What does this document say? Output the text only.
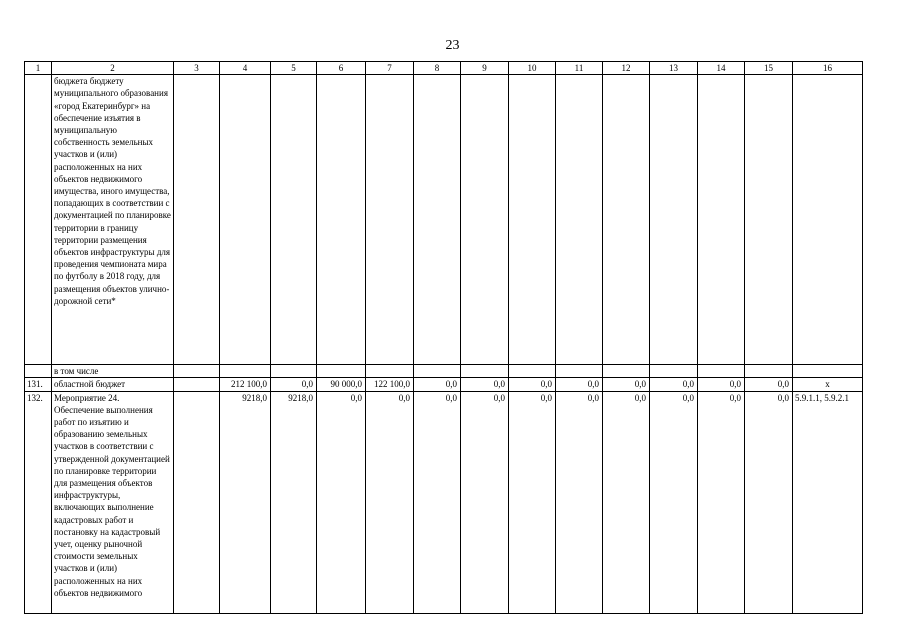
23
1	2	3	4	5	6	7	8	9	10	11	12	13	14	15	16
	бюджета бюджету муниципального образования «город Екатеринбург» на обеспечение изъятия в муниципальную собственность земельных участков и (или) расположенных на них объектов недвижимого имущества, иного имущества, попадающих в соответствии с документацией по планировке территории в границу территории размещения объектов инфраструктуры для проведения чемпионата мира по футболу в 2018 году, для размещения объектов улично-дорожной сети*														
	в том числе														
131.	областной бюджет		212 100,0	0,0	90 000,0	122 100,0	0,0	0,0	0,0	0,0	0,0	0,0	0,0	0,0	x
132.	Мероприятие 24. Обеспечение выполнения работ по изъятию и образованию земельных участков в соответствии с утвержденной документацией по планировке территории для размещения объектов инфраструктуры, включающих выполнение кадастровых работ и постановку на кадастровый учет, оценку рыночной стоимости земельных участков и (или) расположенных на них объектов недвижимого		9218,0	9218,0	0,0	0,0	0,0	0,0	0,0	0,0	0,0	0,0	0,0	0,0	5.9.1.1, 5.9.2.1
